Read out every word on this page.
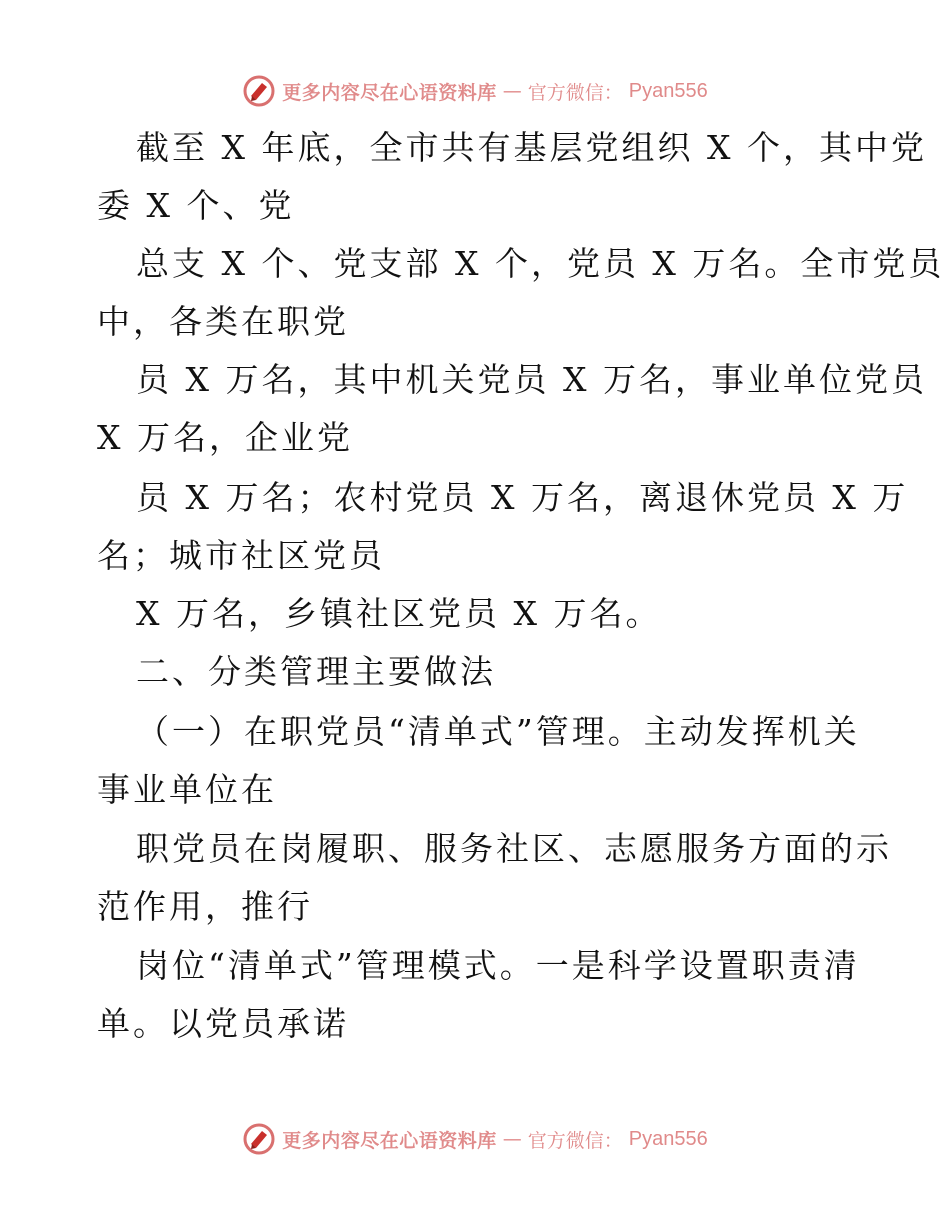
更多内容尽在心语资料库 — 官方微信： Pyan556
截至 X 年底，全市共有基层党组织 X 个，其中党
委 X 个、党
总支 X 个、党支部 X 个，党员 X 万名。全市党员
中，各类在职党
员 X 万名，其中机关党员 X 万名，事业单位党员
X 万名，企业党
员 X 万名；农村党员 X 万名，离退休党员 X 万
名；城市社区党员
X 万名，乡镇社区党员 X 万名。
二、分类管理主要做法
（一）在职党员“清单式”管理。主动发挥机关
事业单位在
职党员在岗履职、服务社区、志愿服务方面的示
范作用，推行
岗位“清单式”管理模式。一是科学设置职责清
单。以党员承诺
更多内容尽在心语资料库 — 官方微信： Pyan556
